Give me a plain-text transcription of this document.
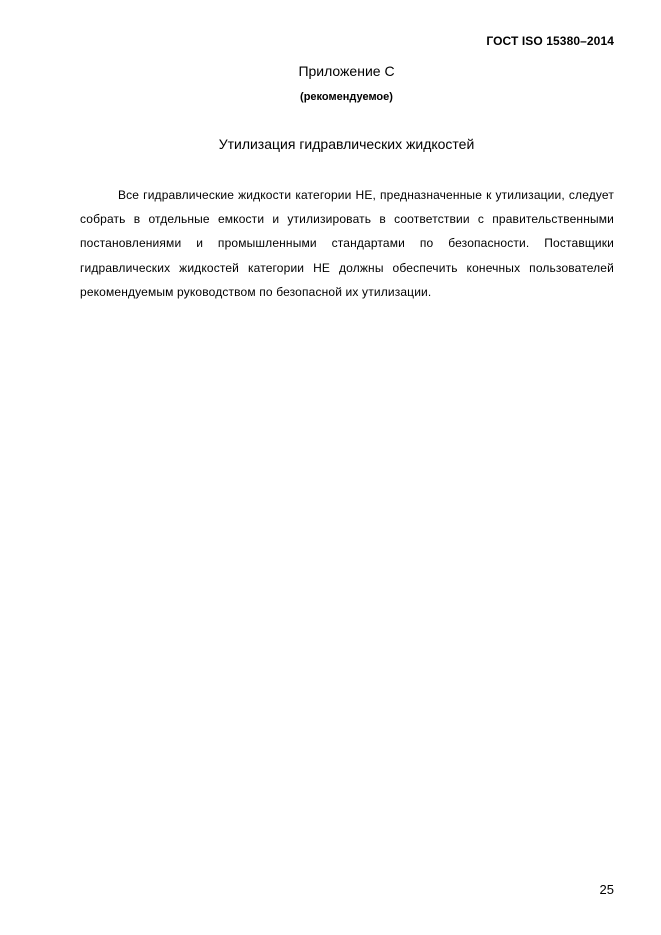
ГОСТ ISO 15380–2014
Приложение С
(рекомендуемое)
Утилизация гидравлических жидкостей

Все гидравлические жидкости категории НЕ, предназначенные к утилизации, следует собрать в отдельные емкости и утилизировать в соответствии с правительственными постановлениями и промышленными стандартами по безопасности. Поставщики гидравлических жидкостей категории НЕ должны обеспечить конечных пользователей рекомендуемым руководством по безопасной их утилизации.

25
